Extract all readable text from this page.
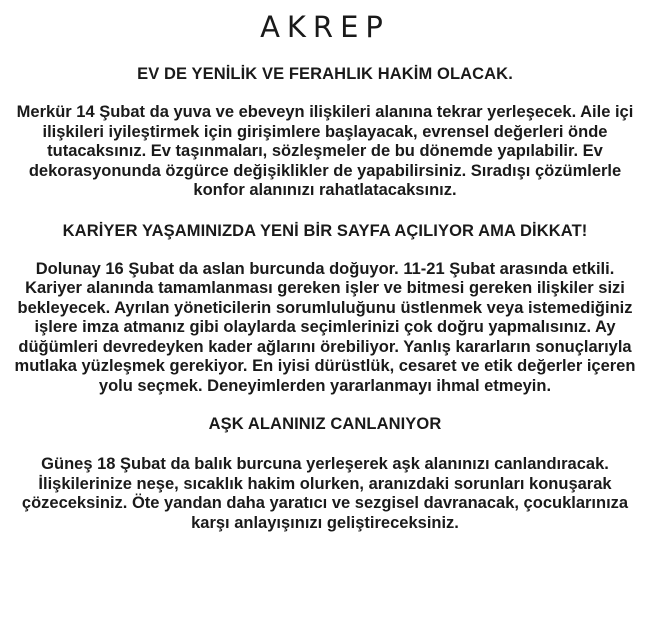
AKREP
EV DE YENİLİK VE FERAHLIK HAKİM OLACAK.

Merkür 14 Şubat da yuva ve ebeveyn ilişkileri alanına tekrar yerleşecek. Aile içi ilişkileri iyileştirmek için girişimlere başlayacak, evrensel değerleri önde tutacaksınız. Ev taşınmaları, sözleşmeler de bu dönemde yapılabilir. Ev dekorasyonunda özgürce değişiklikler de yapabilirsiniz. Sıradışı çözümlerle konfor alanınızı rahatlatacaksınız.

KARİYER YAŞAMINIZDA YENİ BİR SAYFA AÇILIYOR AMA DİKKAT!

Dolunay 16 Şubat da aslan burcunda doğuyor. 11-21 Şubat arasında etkili. Kariyer alanında tamamlanması gereken işler ve bitmesi gereken ilişkiler sizi bekleyecek. Ayrılan yöneticilerin sorumluluğunu üstlenmek veya istemediğiniz işlere imza atmanız gibi olaylarda seçimlerinizi çok doğru yapmalısınız. Ay düğümleri devredeyken kader ağlarını örebiliyor. Yanlış kararların sonuçlarıyla mutlaka yüzleşmek gerekiyor. En iyisi dürüstlük, cesaret ve etik değerler içeren yolu seçmek. Deneyimlerden yararlanmayı ihmal etmeyin.

AŞK ALANINIZ CANLANIYOR

Güneş 18 Şubat da balık burcuna yerleşerek aşk alanınızı canlandıracak. İlişkilerinize neşe, sıcaklık hakim olurken, aranızdaki sorunları konuşarak çözeceksiniz. Öte yandan daha yaratıcı ve sezgisel davranacak, çocuklarınıza karşı anlayışınızı geliştireceksiniz.
